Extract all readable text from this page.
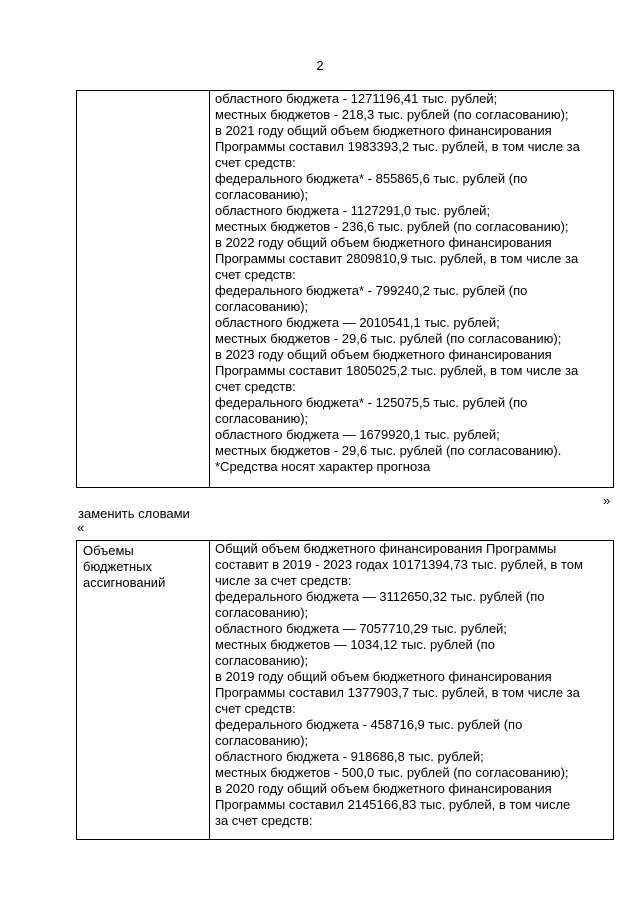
2

областного бюджета - 1271196,41 тыс. рублей;
местных бюджетов - 218,3 тыс. рублей (по согласованию);
в 2021 году общий объем бюджетного финансирования
Программы составил 1983393,2 тыс. рублей, в том числе за
счет средств:
федерального бюджета* - 855865,6 тыс. рублей (по
согласованию);
областного бюджета - 1127291,0 тыс. рублей;
местных бюджетов - 236,6 тыс. рублей (по согласованию);
в 2022 году общий объем бюджетного финансирования
Программы составит 2809810,9 тыс. рублей, в том числе за
счет средств:
федерального бюджета* - 799240,2 тыс. рублей (по
согласованию);
областного бюджета — 2010541,1 тыс. рублей;
местных бюджетов - 29,6 тыс. рублей (по согласованию);
в 2023 году общий объем бюджетного финансирования
Программы составит 1805025,2 тыс. рублей, в том числе за
счет средств:
федерального бюджета* - 125075,5 тыс. рублей (по
согласованию);
областного бюджета — 1679920,1 тыс. рублей;
местных бюджетов - 29,6 тыс. рублей (по согласованию).
*Средства носят характер прогноза
»
заменить словами
«
Объемы
бюджетных
ассигнований

Общий объем бюджетного финансирования Программы
составит в 2019 - 2023 годах 10171394,73 тыс. рублей, в том
числе за счет средств:
федерального бюджета — 3112650,32 тыс. рублей (по
согласованию);
областного бюджета — 7057710,29 тыс. рублей;
местных бюджетов — 1034,12 тыс. рублей (по
согласованию);
в 2019 году общий объем бюджетного финансирования
Программы составил 1377903,7 тыс. рублей, в том числе за
счет средств:
федерального бюджета - 458716,9 тыс. рублей (по
согласованию);
областного бюджета - 918686,8 тыс. рублей;
местных бюджетов - 500,0 тыс. рублей (по согласованию);
в 2020 году общий объем бюджетного финансирования
Программы составил 2145166,83 тыс. рублей, в том числе
за счет средств:
